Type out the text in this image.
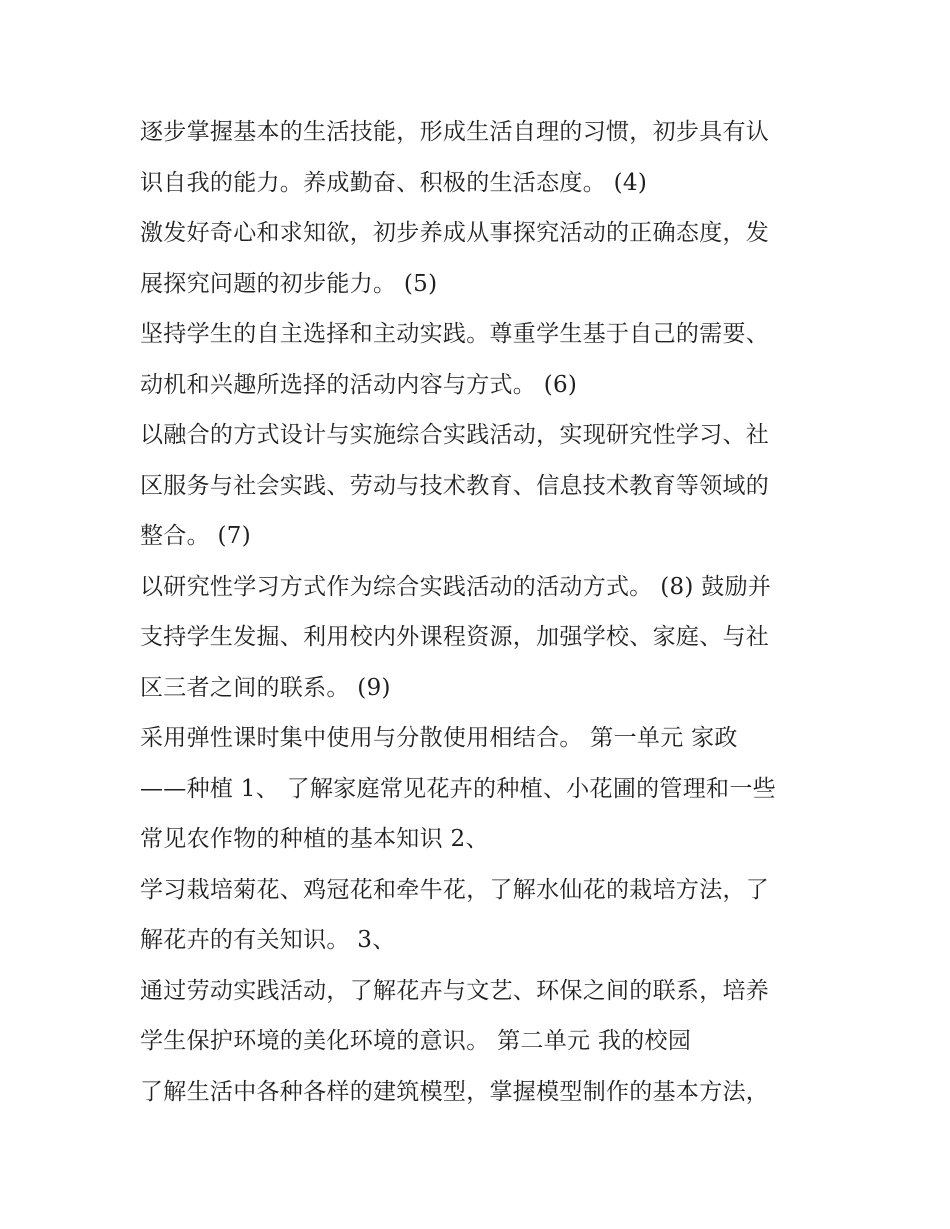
逐步掌握基本的生活技能，形成生活自理的习惯，初步具有认
识自我的能力。养成勤奋、积极的生活态度。 (4)
激发好奇心和求知欲，初步养成从事探究活动的正确态度，发
展探究问题的初步能力。 (5)
坚持学生的自主选择和主动实践。尊重学生基于自己的需要、
动机和兴趣所选择的活动内容与方式。 (6)
以融合的方式设计与实施综合实践活动，实现研究性学习、社
区服务与社会实践、劳动与技术教育、信息技术教育等领域的
整合。 (7)
以研究性学习方式作为综合实践活动的活动方式。 (8) 鼓励并
支持学生发掘、利用校内外课程资源，加强学校、家庭、与社
区三者之间的联系。 (9)
采用弹性课时集中使用与分散使用相结合。 第一单元 家政
——种植 1、 了解家庭常见花卉的种植、小花圃的管理和一些
常见农作物的种植的基本知识 2、
学习栽培菊花、鸡冠花和牵牛花，了解水仙花的栽培方法，了
解花卉的有关知识。 3、
通过劳动实践活动，了解花卉与文艺、环保之间的联系，培养
学生保护环境的美化环境的意识。 第二单元 我的校园
了解生活中各种各样的建筑模型，掌握模型制作的基本方法，
